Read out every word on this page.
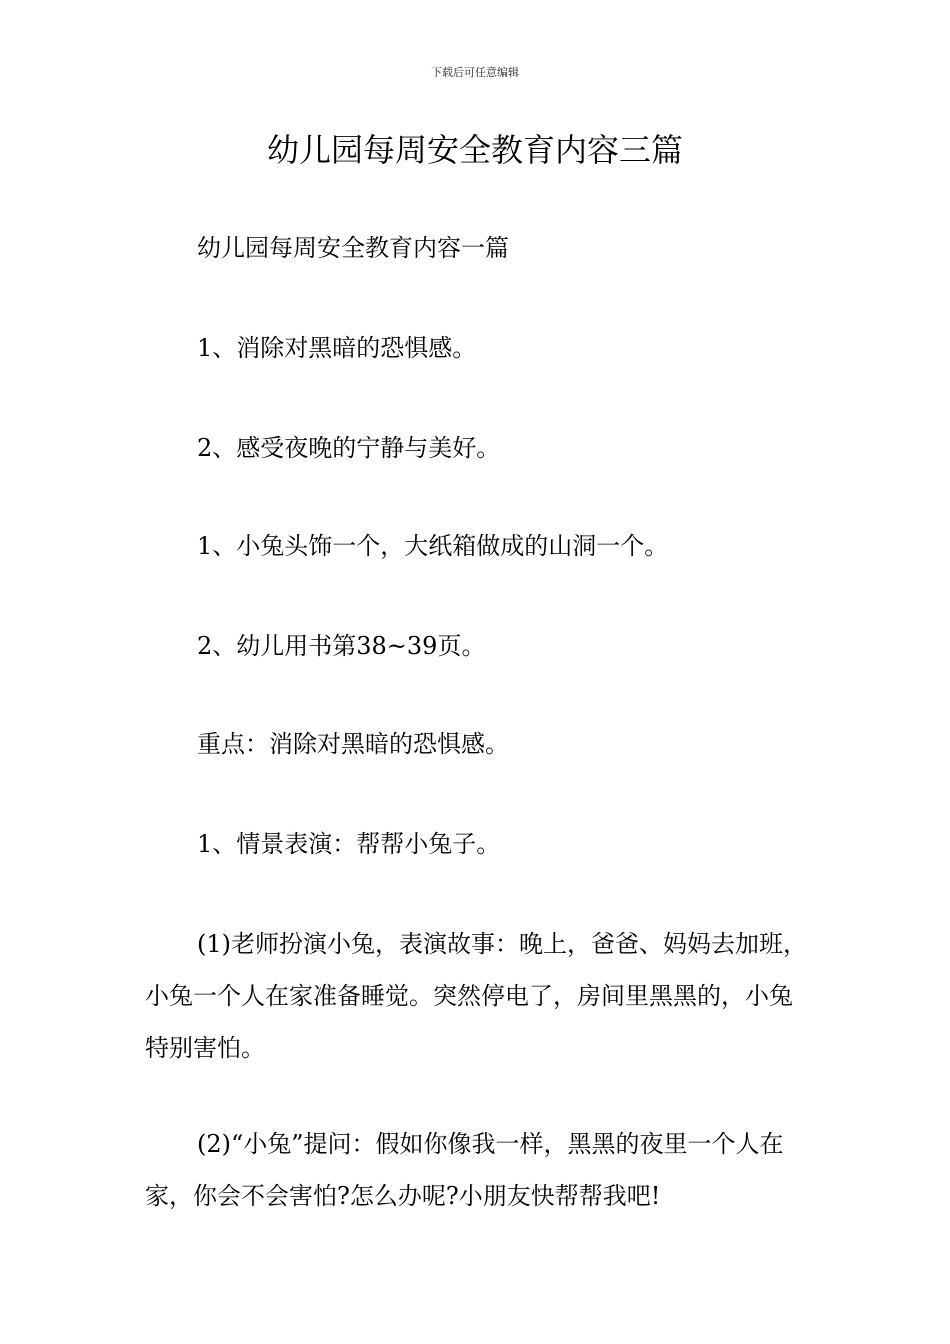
下载后可任意编辑
幼儿园每周安全教育内容三篇

幼儿园每周安全教育内容一篇

1、消除对黑暗的恐惧感。

2、感受夜晚的宁静与美好。

1、小兔头饰一个，大纸箱做成的山洞一个。

2、幼儿用书第38~39页。

重点：消除对黑暗的恐惧感。

1、情景表演：帮帮小兔子。

(1)老师扮演小兔，表演故事：晚上，爸爸、妈妈去加班，小兔一个人在家准备睡觉。突然停电了，房间里黑黑的，小兔特别害怕。

(2)“小兔”提问：假如你像我一样，黑黑的夜里一个人在家，你会不会害怕?怎么办呢?小朋友快帮帮我吧!
